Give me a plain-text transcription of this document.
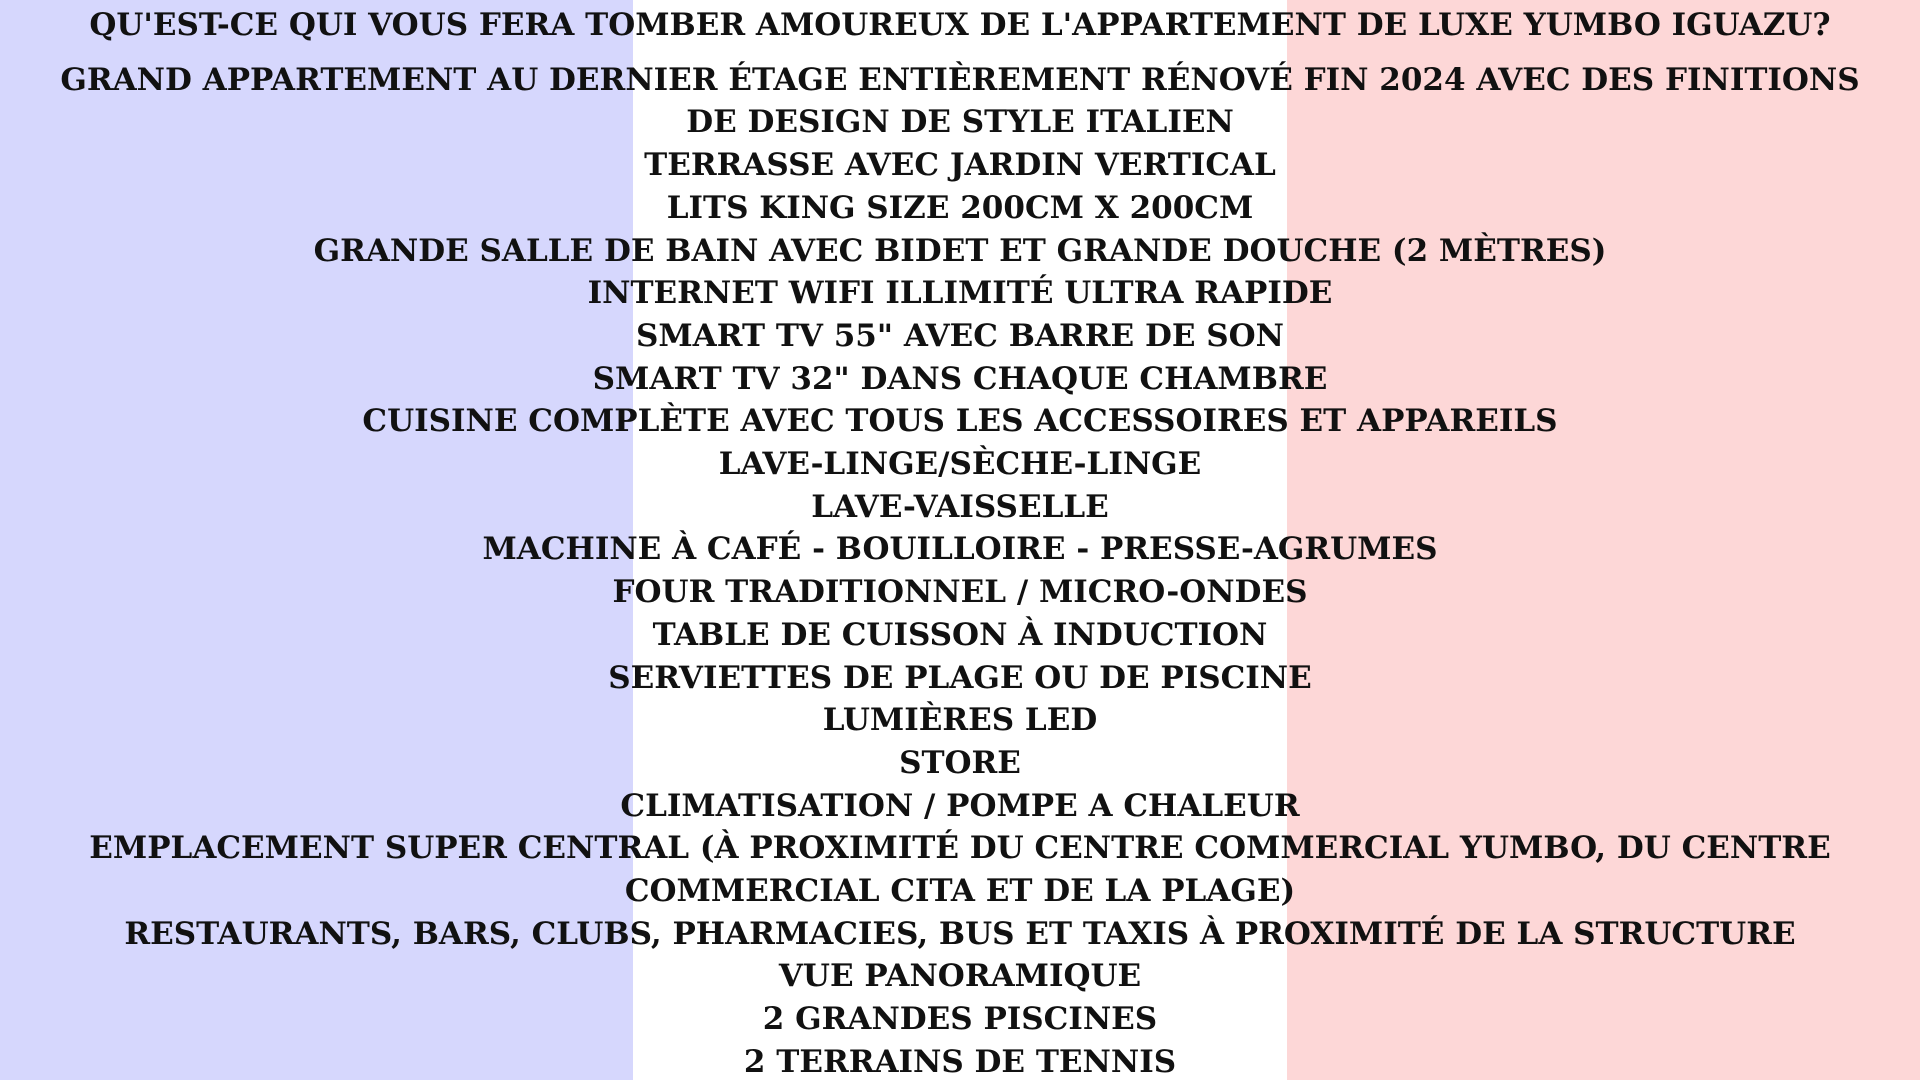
QU'EST-CE QUI VOUS FERA TOMBER AMOUREUX DE L'APPARTEMENT DE LUXE YUMBO IGUAZU?
GRAND APPARTEMENT AU DERNIER ÉTAGE ENTIÈREMENT RÉNOVÉ FIN 2024 AVEC DES FINITIONS DE DESIGN DE STYLE ITALIEN
TERRASSE AVEC JARDIN VERTICAL
LITS KING SIZE 200CM X 200CM
GRANDE SALLE DE BAIN AVEC BIDET ET GRANDE DOUCHE (2 MÈTRES)
INTERNET WIFI ILLIMITÉ ULTRA RAPIDE
SMART TV 55" AVEC BARRE DE SON
SMART TV 32" DANS CHAQUE CHAMBRE
CUISINE COMPLÈTE AVEC TOUS LES ACCESSOIRES ET APPAREILS
LAVE-LINGE/SÈCHE-LINGE
LAVE-VAISSELLE
MACHINE À CAFÉ - BOUILLOIRE - PRESSE-AGRUMES
FOUR TRADITIONNEL / MICRO-ONDES
TABLE DE CUISSON À INDUCTION
SERVIETTES DE PLAGE OU DE PISCINE
LUMIÈRES LED
STORE
CLIMATISATION / POMPE A CHALEUR
EMPLACEMENT SUPER CENTRAL (À PROXIMITÉ DU CENTRE COMMERCIAL YUMBO, DU CENTRE COMMERCIAL CITA ET DE LA PLAGE)
RESTAURANTS, BARS, CLUBS, PHARMACIES, BUS ET TAXIS À PROXIMITÉ DE LA STRUCTURE
VUE PANORAMIQUE
2 GRANDES PISCINES
2 TERRAINS DE TENNIS
